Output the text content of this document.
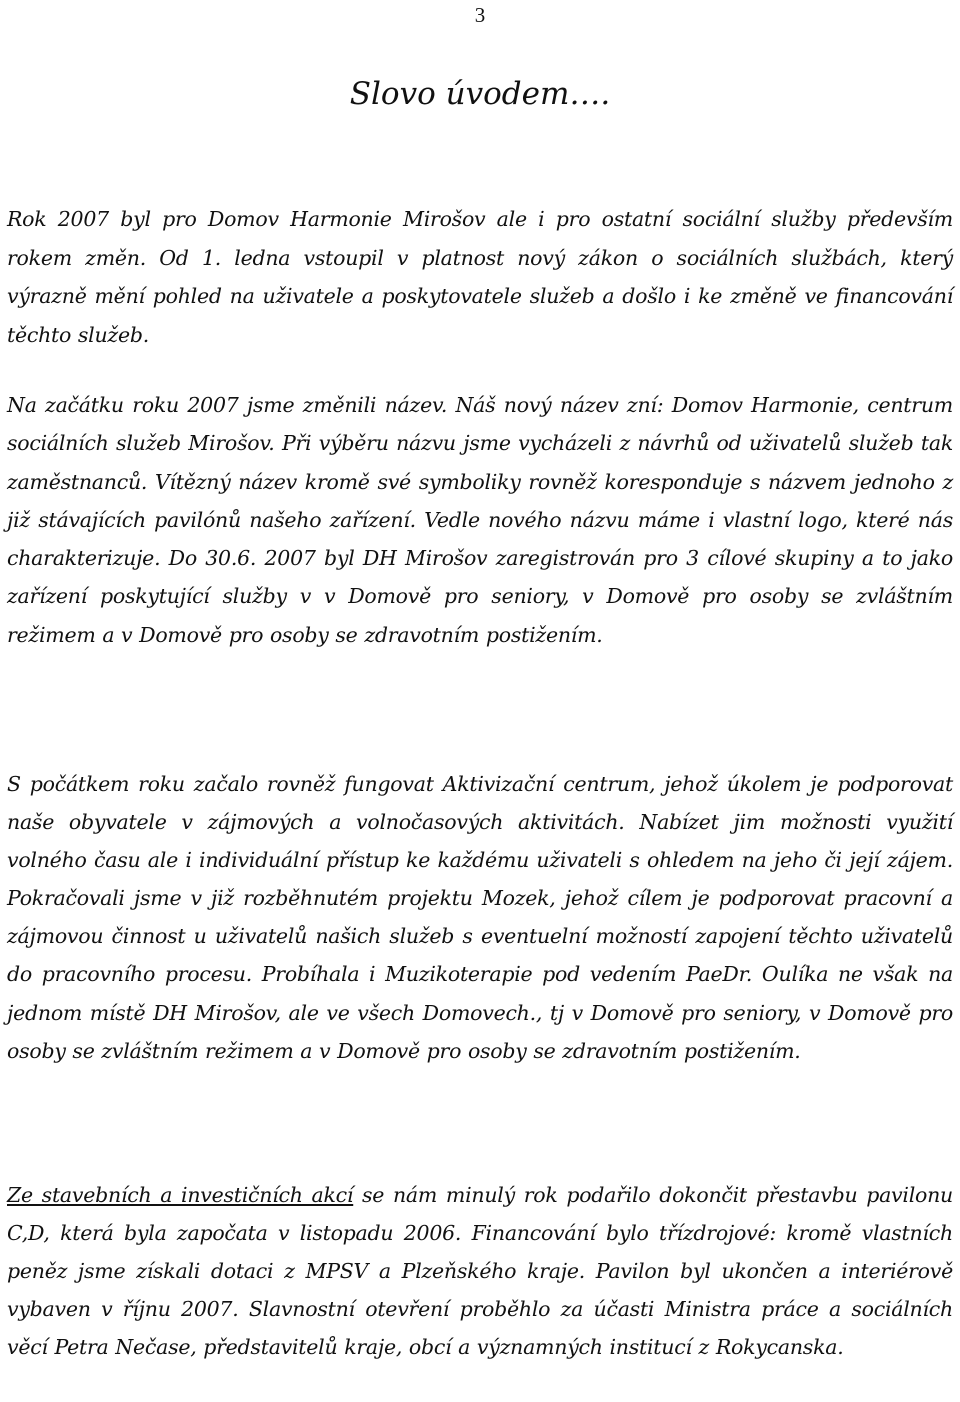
3
Slovo úvodem….

Rok 2007 byl pro Domov Harmonie Mirošov ale i pro ostatní sociální služby především rokem změn. Od 1. ledna vstoupil v platnost nový zákon o sociálních službách, který výrazně mění pohled na uživatele a poskytovatele služeb a došlo i ke změně ve financování těchto služeb.

Na začátku roku 2007 jsme změnili název. Náš nový název zní: Domov Harmonie, centrum sociálních služeb Mirošov. Při výběru názvu jsme vycházeli z návrhů od uživatelů služeb tak zaměstnanců. Vítězný název kromě své symboliky rovněž koresponduje s názvem jednoho z již stávajících pavilónů našeho zařízení. Vedle nového názvu máme i vlastní logo, které nás charakterizuje. Do 30.6. 2007 byl DH Mirošov zaregistrován pro 3 cílové skupiny a to jako zařízení poskytující služby v v Domově pro seniory, v Domově pro osoby se zvláštním režimem a v Domově pro osoby se zdravotním postižením.

S počátkem roku začalo rovněž fungovat Aktivizační centrum, jehož úkolem je podporovat naše obyvatele v zájmových a volnočasových aktivitách. Nabízet jim možnosti využití volného času ale i individuální přístup ke každému uživateli s ohledem na jeho či její zájem. Pokračovali jsme v již rozběhnutém projektu Mozek, jehož cílem je podporovat pracovní a zájmovou činnost u uživatelů našich služeb s eventuelní možností zapojení těchto uživatelů do pracovního procesu. Probíhala i Muzikoterapie pod vedením PaeDr. Oulíka ne však na jednom místě DH Mirošov, ale ve všech Domovech., tj v Domově pro seniory, v Domově pro osoby se zvláštním režimem a v Domově pro osoby se zdravotním postižením.

Ze stavebních a investičních akcí se nám minulý rok podařilo dokončit přestavbu pavilonu C,D, která byla započata v listopadu 2006. Financování bylo třízdrojové: kromě vlastních peněz jsme získali dotaci z MPSV a Plzeňského kraje. Pavilon byl ukončen a interiérově vybaven v říjnu 2007. Slavnostní otevření proběhlo za účasti Ministra práce a sociálních věcí Petra Nečase, představitelů kraje, obcí a významných institucí z Rokycanska.
